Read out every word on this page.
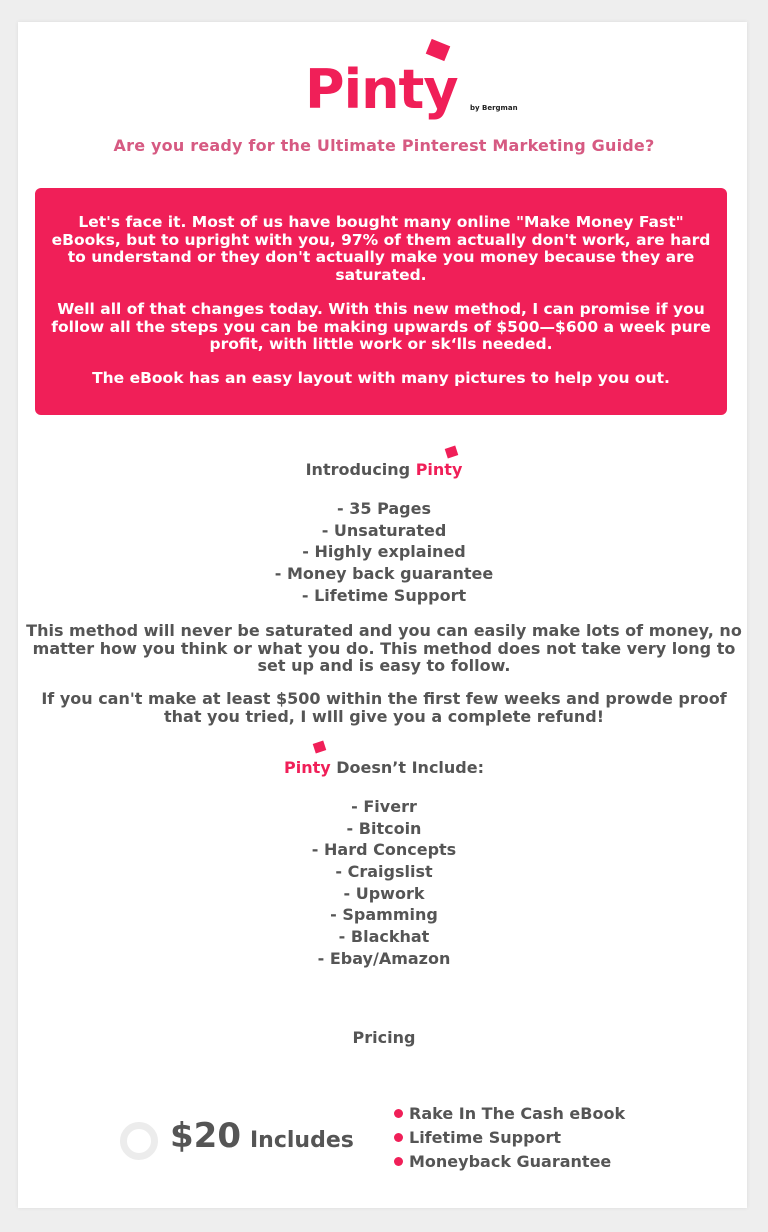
Pinty by Bergman
Are you ready for the Ultimate Pinterest Marketing Guide?

Let's face it. Most of us have bought many online "Make Money Fast" eBooks, but to upright with you, 97% of them actually don't work, are hard to understand or they don't actually make you money because they are saturated.

Well all of that changes today. With this new method, I can promise if you follow all the steps you can be making upwards of $500—$600 a week pure profit, with little work or sk‘lls needed.

The eBook has an easy layout with many pictures to help you out.

Introducing Pinty
- 35 Pages
- Unsaturated
- Highly explained
- Money back guarantee
- Lifetime Support
This method will never be saturated and you can easily make lots of money, no matter how you think or what you do. This method does not take very long to set up and is easy to follow.
If you can't make at least $500 within the first few weeks and prowde proof that you tried, I wIll give you a complete refund!
Pinty Doesn’t Include:
- Fiverr
- Bitcoin
- Hard Concepts
- Craigslist
- Upwork
- Spamming
- Blackhat
- Ebay/Amazon
Pricing
$20 Includes
Rake In The Cash eBook
Lifetime Support
Moneyback Guarantee
